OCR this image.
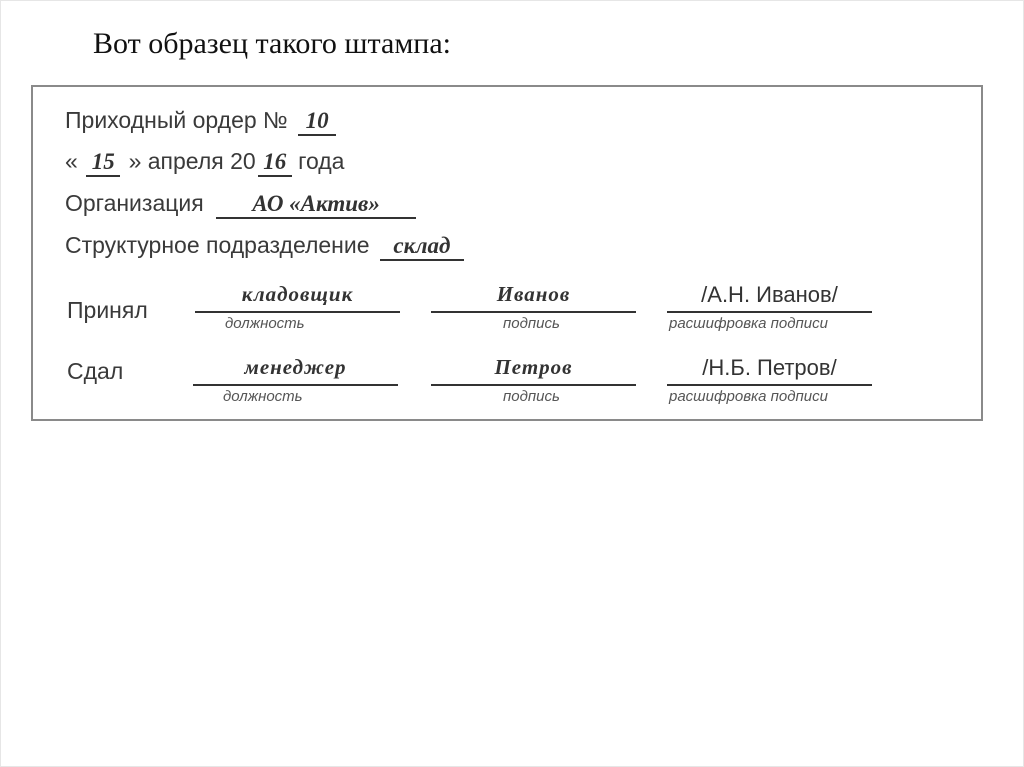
Вот образец такого штампа:
Приходный ордер № 10
« 15 » апреля 20 16 года
Организация АО «Актив»
Структурное подразделение склад
Принял
кладовщик
должность
Иванов
подпись
/А.Н. Иванов/
расшифровка подписи
Сдал	менеджер
должность
Петров
подпись
/Н.Б. Петров/
расшифровка подписи
